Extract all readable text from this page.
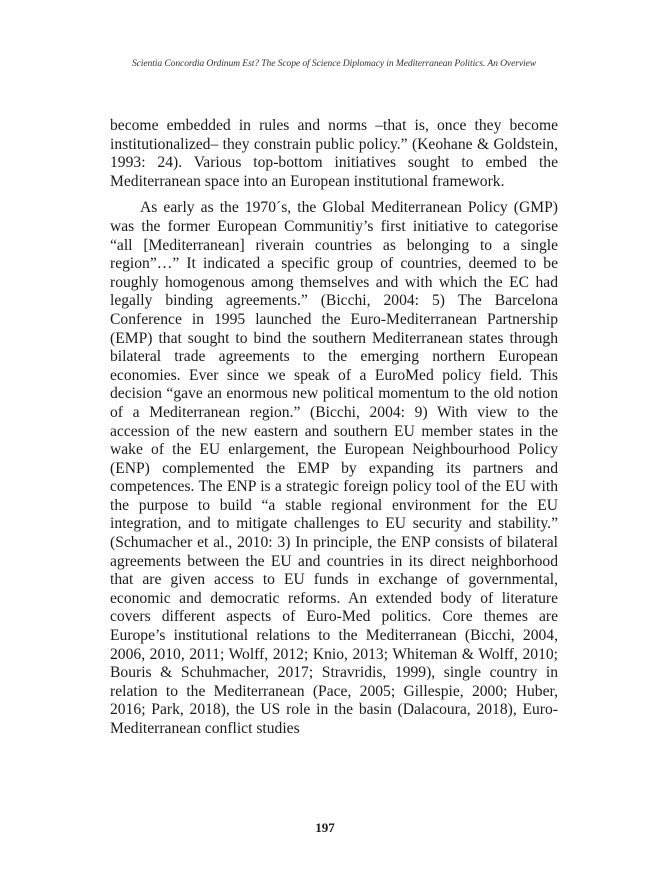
Scientia Concordia Ordinum Est? The Scope of Science Diplomacy in Mediterranean Politics. An Overview

become embedded in rules and norms –that is, once they become institutionalized– they constrain public policy.” (Keohane & Goldstein, 1993: 24). Various top-bottom initiatives sought to embed the Mediterranean space into an European institutional framework.

As early as the 1970´s, the Global Mediterranean Policy (GMP) was the former European Communitiy’s first initiative to categorise “all [Mediterranean] riverain countries as belonging to a single region”…” It indicated a specific group of countries, deemed to be roughly homogenous among themselves and with which the EC had legally binding agreements.” (Bicchi, 2004: 5) The Barcelona Conference in 1995 launched the Euro-Mediterranean Partnership (EMP) that sought to bind the southern Mediterranean states through bilateral trade agreements to the emerging northern European economies. Ever since we speak of a EuroMed policy field. This decision “gave an enormous new political momentum to the old notion of a Mediterranean region.” (Bicchi, 2004: 9) With view to the accession of the new eastern and southern EU member states in the wake of the EU enlargement, the European Neighbourhood Policy (ENP) complemented the EMP by expanding its partners and competences. The ENP is a strategic foreign policy tool of the EU with the purpose to build “a stable regional environment for the EU integration, and to mitigate challenges to EU security and stability.” (Schumacher et al., 2010: 3) In principle, the ENP consists of bilateral agreements between the EU and countries in its direct neighborhood that are given access to EU funds in exchange of governmental, economic and democratic reforms. An extended body of literature covers different aspects of Euro-Med politics. Core themes are Europe’s institutional relations to the Mediterranean (Bicchi, 2004, 2006, 2010, 2011; Wolff, 2012; Knio, 2013; Whiteman & Wolff, 2010; Bouris & Schuhmacher, 2017; Stravridis, 1999), single country in relation to the Mediterranean (Pace, 2005; Gillespie, 2000; Huber, 2016; Park, 2018), the US role in the basin (Dalacoura, 2018), Euro-Mediterranean conflict studies

197
